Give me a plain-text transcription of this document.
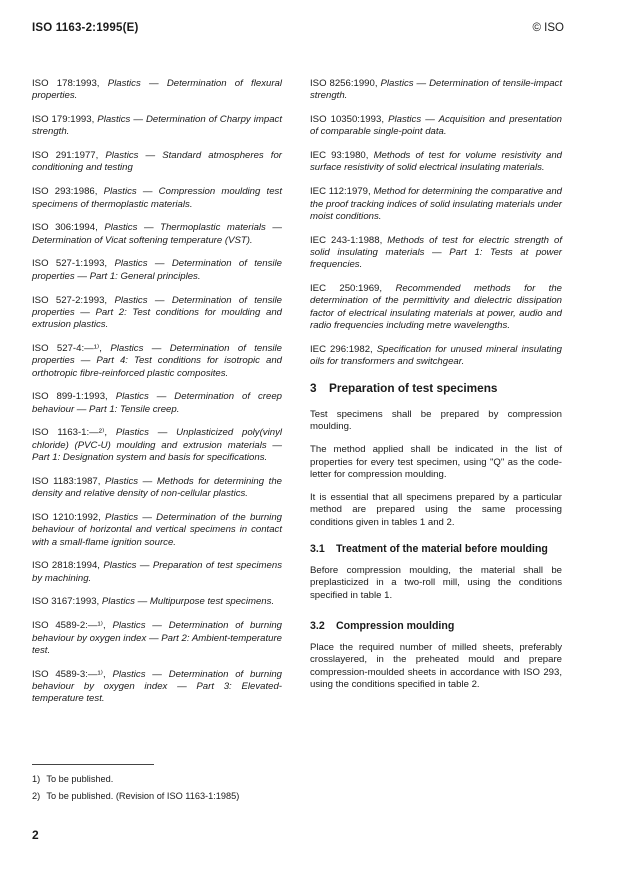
ISO 1163-2:1995(E)	© ISO

ISO 178:1993, Plastics — Determination of flexural properties.

ISO 179:1993, Plastics — Determination of Charpy impact strength.

ISO 291:1977, Plastics — Standard atmospheres for conditioning and testing

ISO 293:1986, Plastics — Compression moulding test specimens of thermoplastic materials.

ISO 306:1994, Plastics — Thermoplastic materials — Determination of Vicat softening temperature (VST).

ISO 527-1:1993, Plastics — Determination of tensile properties — Part 1: General principles.

ISO 527-2:1993, Plastics — Determination of tensile properties — Part 2: Test conditions for moulding and extrusion plastics.

ISO 527-4:—¹⁾, Plastics — Determination of tensile properties — Part 4: Test conditions for isotropic and orthotropic fibre-reinforced plastic composites.

ISO 899-1:1993, Plastics — Determination of creep behaviour — Part 1: Tensile creep.

ISO 1163-1:—²⁾, Plastics — Unplasticized poly(vinyl chloride) (PVC-U) moulding and extrusion materials — Part 1: Designation system and basis for specifications.

ISO 1183:1987, Plastics — Methods for determining the density and relative density of non-cellular plastics.

ISO 1210:1992, Plastics — Determination of the burning behaviour of horizontal and vertical specimens in contact with a small-flame ignition source.

ISO 2818:1994, Plastics — Preparation of test specimens by machining.

ISO 3167:1993, Plastics — Multipurpose test specimens.

ISO 4589-2:—¹⁾, Plastics — Determination of burning behaviour by oxygen index — Part 2: Ambient-temperature test.

ISO 4589-3:—¹⁾, Plastics — Determination of burning behaviour by oxygen index — Part 3: Elevated-temperature test.

ISO 8256:1990, Plastics — Determination of tensile-impact strength.

ISO 10350:1993, Plastics — Acquisition and presentation of comparable single-point data.

IEC 93:1980, Methods of test for volume resistivity and surface resistivity of solid electrical insulating materials.

IEC 112:1979, Method for determining the comparative and the proof tracking indices of solid insulating materials under moist conditions.

IEC 243-1:1988, Methods of test for electric strength of solid insulating materials — Part 1: Tests at power frequencies.

IEC 250:1969, Recommended methods for the determination of the permittivity and dielectric dissipation factor of electrical insulating materials at power, audio and radio frequencies including metre wavelengths.

IEC 296:1982, Specification for unused mineral insulating oils for transformers and switchgear.

3 Preparation of test specimens

Test specimens shall be prepared by compression moulding.

The method applied shall be indicated in the list of properties for every test specimen, using "Q" as the code-letter for compression moulding.

It is essential that all specimens prepared by a particular method are prepared using the same processing conditions given in tables 1 and 2.

3.1 Treatment of the material before moulding

Before compression moulding, the material shall be preplasticized in a two-roll mill, using the conditions specified in table 1.

3.2 Compression moulding

Place the required number of milled sheets, preferably crosslayered, in the preheated mould and prepare compression-moulded sheets in accordance with ISO 293, using the conditions specified in table 2.

1) To be published.
2) To be published. (Revision of ISO 1163-1:1985)
2
